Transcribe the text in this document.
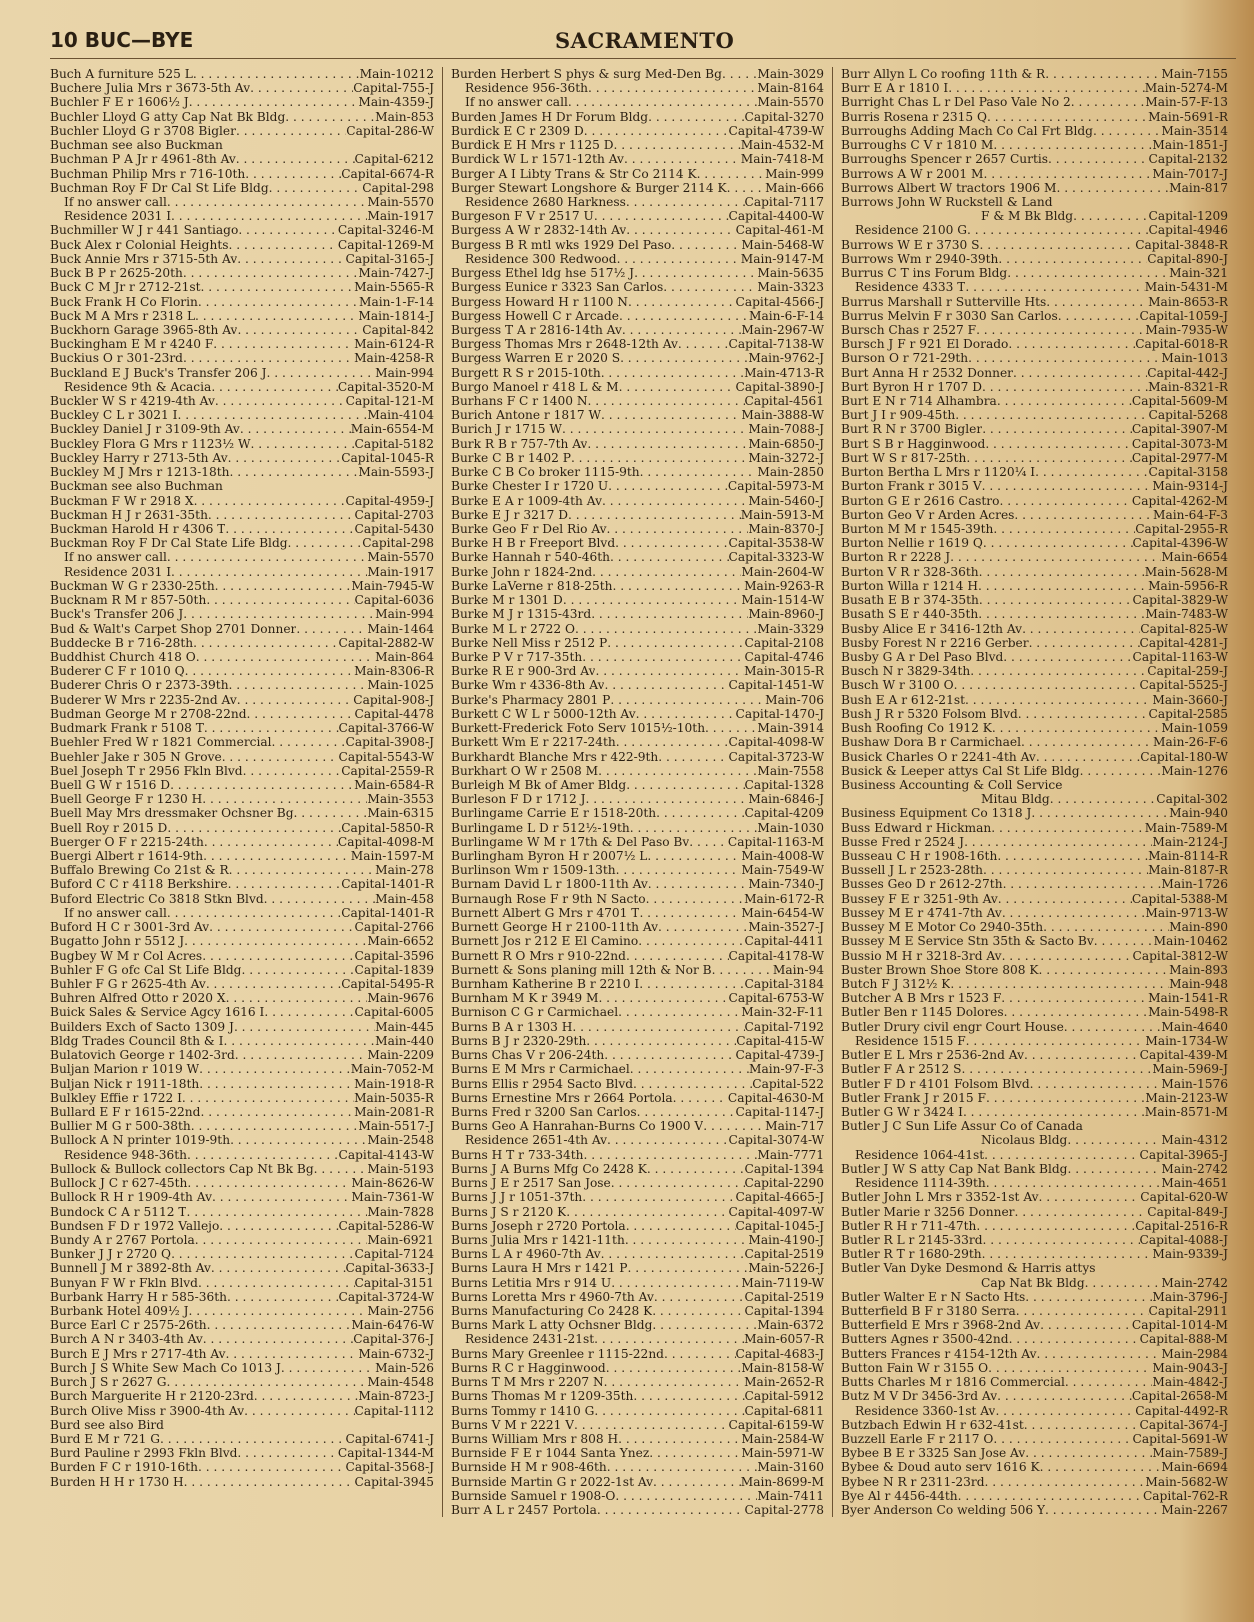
10 BUC—BYE	SACRAMENTO
Buch A furniture 525 L . . .	Main-10212
Buchere Julia Mrs r 3673-5th Av . . .	Capital-755-J
Buchler F E r 1606½ J . . .	Main-4359-J
Buchler Lloyd G atty Cap Nat Bk Bldg . . .	Main-853
Buchler Lloyd G r 3708 Bigler . . .	Capital-286-W
Buchman see also Buckman
Buchman P A Jr r 4961-8th Av . . .	Capital-6212
Buchman Philip Mrs r 716-10th . . .	Capital-6674-R
Buchman Roy F Dr Cal St Life Bldg . . .	Capital-298
If no answer call . . .	Main-5570
Residence 2031 I . . .	Main-1917
Buchmiller W J r 441 Santiago . . .	Capital-3246-M
Buck Alex r Colonial Heights . . .	Capital-1269-M
Buck Annie Mrs r 3715-5th Av . . .	Capital-3165-J
Buck B P r 2625-20th . . .	Main-7427-J
Buck C M Jr r 2712-21st . . .	Main-5565-R
Buck Frank H Co Florin . . .	Main-1-F-14
Buck M A Mrs r 2318 L . . .	Main-1814-J
Buckhorn Garage 3965-8th Av . . .	Capital-842
Buckingham E M r 4240 F . . .	Main-6124-R
Buckius O r 301-23rd . . .	Main-4258-R
Buckland E J Buck's Transfer 206 J . . .	Main-994
Residence 9th & Acacia . . .	Capital-3520-M
Buckler W S r 4219-4th Av . . .	Capital-121-M
Buckley C L r 3021 I . . .	Main-4104
Buckley Daniel J r 3109-9th Av . . .	Main-6554-M
Buckley Flora G Mrs r 1123½ W . . .	Capital-5182
Buckley Harry r 2713-5th Av . . .	Capital-1045-R
Buckley M J Mrs r 1213-18th . . .	Main-5593-J
Buckman see also Buchman
Buckman F W r 2918 X . . .	Capital-4959-J
Buckman H J r 2631-35th . . .	Capital-2703
Buckman Harold H r 4306 T . . .	Capital-5430
Buckman Roy F Dr Cal State Life Bldg . . .	Capital-298
If no answer call . . .	Main-5570
Residence 2031 I . . .	Main-1917
Buckman W G r 2330-25th . . .	Main-7945-W
Bucknam R M r 857-50th . . .	Capital-6036
Buck's Transfer 206 J . . .	Main-994
Bud & Walt's Carpet Shop 2701 Donner . . .	Main-1464
Buddecke B r 716-28th . . .	Capital-2882-W
Buddhist Church 418 O . . .	Main-864
Buderer C F r 1010 Q . . .	Main-8306-R
Buderer Chris O r 2373-39th . . .	Main-1025
Buderer W Mrs r 2235-2nd Av . . .	Capital-908-J
Budman George M r 2708-22nd . . .	Capital-4478
Budmark Frank r 5108 T . . .	Capital-3766-W
Buehler Fred W r 1821 Commercial . . .	Capital-3908-J
Buehler Jake r 305 N Grove . . .	Capital-5543-W
Buel Joseph T r 2956 Fkln Blvd . . .	Capital-2559-R
Buell G W r 1516 D . . .	Main-6584-R
Buell George F r 1230 H . . .	Main-3553
Buell May Mrs dressmaker Ochsner Bg . . .	Main-6315
Buell Roy r 2015 D . . .	Capital-5850-R
Buerger O F r 2215-24th . . .	Capital-4098-M
Buergi Albert r 1614-9th . . .	Main-1597-M
Buffalo Brewing Co 21st & R . . .	Main-278
Buford C C r 4118 Berkshire . . .	Capital-1401-R
Buford Electric Co 3818 Stkn Blvd . . .	Main-458
If no answer call . . .	Capital-1401-R
Buford H C r 3001-3rd Av . . .	Capital-2766
Bugatto John r 5512 J . . .	Main-6652
Bugbey W M r Col Acres . . .	Capital-3596
Buhler F G ofc Cal St Life Bldg . . .	Capital-1839
Buhler F G r 2625-4th Av . . .	Capital-5495-R
Buhren Alfred Otto r 2020 X . . .	Main-9676
Buick Sales & Service Agcy 1616 I . . .	Capital-6005
Builders Exch of Sacto 1309 J . . .	Main-445
Bldg Trades Council 8th & I . . .	Main-440
Bulatovich George r 1402-3rd . . .	Main-2209
Buljan Marion r 1019 W . . .	Main-7052-M
Buljan Nick r 1911-18th . . .	Main-1918-R
Bulkley Effie r 1722 I . . .	Main-5035-R
Bullard E F r 1615-22nd . . .	Main-2081-R
Bullier M G r 500-38th . . .	Main-5517-J
Bullock A N printer 1019-9th . . .	Main-2548
Residence 948-36th . . .	Capital-4143-W
Bullock & Bullock collectors Cap Nt Bk Bg . . .	Main-5193
Bullock J C r 627-45th . . .	Main-8626-W
Bullock R H r 1909-4th Av . . .	Main-7361-W
Bundock C A r 5112 T . . .	Main-7828
Bundsen F D r 1972 Vallejo . . .	Capital-5286-W
Bundy A r 2767 Portola . . .	Main-6921
Bunker J J r 2720 Q . . .	Capital-7124
Bunnell J M r 3892-8th Av . . .	Capital-3633-J
Bunyan F W r Fkln Blvd . . .	Capital-3151
Burbank Harry H r 585-36th . . .	Capital-3724-W
Burbank Hotel 409½ J . . .	Main-2756
Burce Earl C r 2575-26th . . .	Main-6476-W
Burch A N r 3403-4th Av . . .	Capital-376-J
Burch E J Mrs r 2717-4th Av . . .	Main-6732-J
Burch J S White Sew Mach Co 1013 J . . .	Main-526
Burch J S r 2627 G . . .	Main-4548
Burch Marguerite H r 2120-23rd . . .	Main-8723-J
Burch Olive Miss r 3900-4th Av . . .	Capital-1112
Burd see also Bird
Burd E M r 721 G . . .	Capital-6741-J
Burd Pauline r 2993 Fkln Blvd . . .	Capital-1344-M
Burden F C r 1910-16th . . .	Capital-3568-J
Burden H H r 1730 H . . .	Capital-3945
Burden Herbert S phys & surg Med-Den Bg . . .	Main-3029
Residence 956-36th . . .	Main-8164
If no answer call . . .	Main-5570
Burden James H Dr Forum Bldg . . .	Capital-3270
Burdick E C r 2309 D . . .	Capital-4739-W
Burdick E H Mrs r 1125 D . . .	Main-4532-M
Burdick W L r 1571-12th Av . . .	Main-7418-M
Burger A I Libty Trans & Str Co 2114 K . . .	Main-999
Burger Stewart Longshore & Burger 2114 K . . .	Main-666
Residence 2680 Harkness . . .	Capital-7117
Burgeson F V r 2517 U . . .	Capital-4400-W
Burgess A W r 2832-14th Av . . .	Capital-461-M
Burgess B R mtl wks 1929 Del Paso . . .	Main-5468-W
Residence 300 Redwood . . .	Main-9147-M
Burgess Ethel ldg hse 517½ J . . .	Main-5635
Burgess Eunice r 3323 San Carlos . . .	Main-3323
Burgess Howard H r 1100 N . . .	Capital-4566-J
Burgess Howell C r Arcade . . .	Main-6-F-14
Burgess T A r 2816-14th Av . . .	Main-2967-W
Burgess Thomas Mrs r 2648-12th Av . . .	Capital-7138-W
Burgess Warren E r 2020 S . . .	Main-9762-J
Burgett R S r 2015-10th . . .	Main-4713-R
Burgo Manoel r 418 L & M . . .	Capital-3890-J
Burhans F C r 1400 N . . .	Capital-4561
Burich Antone r 1817 W . . .	Main-3888-W
Burich J r 1715 W . . .	Main-7088-J
Burk R B r 757-7th Av . . .	Main-6850-J
Burke C B r 1402 P . . .	Main-3272-J
Burke C B Co broker 1115-9th . . .	Main-2850
Burke Chester I r 1720 U . . .	Capital-5973-M
Burke E A r 1009-4th Av . . .	Main-5460-J
Burke E J r 3217 D . . .	Main-5913-M
Burke Geo F r Del Rio Av . . .	Main-8370-J
Burke H B r Freeport Blvd . . .	Capital-3538-W
Burke Hannah r 540-46th . . .	Capital-3323-W
Burke John r 1824-2nd . . .	Main-2604-W
Burke LaVerne r 818-25th . . .	Main-9263-R
Burke M r 1301 D . . .	Main-1514-W
Burke M J r 1315-43rd . . .	Main-8960-J
Burke M L r 2722 O . . .	Main-3329
Burke Nell Miss r 2512 P . . .	Capital-2108
Burke P V r 717-35th . . .	Capital-4746
Burke R E r 900-3rd Av . . .	Main-3015-R
Burke Wm r 4336-8th Av . . .	Capital-1451-W
Burke's Pharmacy 2801 P . . .	Main-706
Burkett C W L r 5000-12th Av . . .	Capital-1470-J
Burkett-Frederick Foto Serv 1015½-10th . . .	Main-3914
Burkett Wm E r 2217-24th . . .	Capital-4098-W
Burkhardt Blanche Mrs r 422-9th . . .	Capital-3723-W
Burkhart O W r 2508 M . . .	Main-7558
Burleigh M Bk of Amer Bldg . . .	Capital-1328
Burleson F D r 1712 J . . .	Main-6846-J
Burlingame Carrie E r 1518-20th . . .	Capital-4209
Burlingame L D r 512½-19th . . .	Main-1030
Burlingame W M r 17th & Del Paso Bv . . .	Capital-1163-M
Burlingham Byron H r 2007½ L . . .	Main-4008-W
Burlinson Wm r 1509-13th . . .	Main-7549-W
Burnam David L r 1800-11th Av . . .	Main-7340-J
Burnaugh Rose F r 9th N Sacto . . .	Main-6172-R
Burnett Albert G Mrs r 4701 T . . .	Main-6454-W
Burnett George H r 2100-11th Av . . .	Main-3527-J
Burnett Jos r 212 E El Camino . . .	Capital-4411
Burnett R O Mrs r 910-22nd . . .	Capital-4178-W
Burnett & Sons planing mill 12th & Nor B . . .	Main-94
Burnham Katherine B r 2210 I . . .	Capital-3184
Burnham M K r 3949 M . . .	Capital-6753-W
Burnison C G r Carmichael . . .	Main-32-F-11
Burns B A r 1303 H . . .	Capital-7192
Burns B J r 2320-29th . . .	Capital-415-W
Burns Chas V r 206-24th . . .	Capital-4739-J
Burns E M Mrs r Carmichael . . .	Main-97-F-3
Burns Ellis r 2954 Sacto Blvd . . .	Capital-522
Burns Ernestine Mrs r 2664 Portola . . .	Capital-4630-M
Burns Fred r 3200 San Carlos . . .	Capital-1147-J
Burns Geo A Hanrahan-Burns Co 1900 V . . .	Main-717
Residence 2651-4th Av . . .	Capital-3074-W
Burns H T r 733-34th . . .	Main-7771
Burns J A Burns Mfg Co 2428 K . . .	Capital-1394
Burns J E r 2517 San Jose . . .	Capital-2290
Burns J J r 1051-37th . . .	Capital-4665-J
Burns J S r 2120 K . . .	Capital-4097-W
Burns Joseph r 2720 Portola . . .	Capital-1045-J
Burns Julia Mrs r 1421-11th . . .	Main-4190-J
Burns L A r 4960-7th Av . . .	Capital-2519
Burns Laura H Mrs r 1421 P . . .	Main-5226-J
Burns Letitia Mrs r 914 U . . .	Main-7119-W
Burns Loretta Mrs r 4960-7th Av . . .	Capital-2519
Burns Manufacturing Co 2428 K . . .	Capital-1394
Burns Mark L atty Ochsner Bldg . . .	Main-6372
Residence 2431-21st . . .	Main-6057-R
Burns Mary Greenlee r 1115-22nd . . .	Capital-4683-J
Burns R C r Hagginwood . . .	Main-8158-W
Burns T M Mrs r 2207 N . . .	Main-2652-R
Burns Thomas M r 1209-35th . . .	Capital-5912
Burns Tommy r 1410 G . . .	Capital-6811
Burns V M r 2221 V . . .	Capital-6159-W
Burns William Mrs r 808 H . . .	Main-2584-W
Burnside F E r 1044 Santa Ynez . . .	Main-5971-W
Burnside H M r 908-46th . . .	Main-3160
Burnside Martin G r 2022-1st Av . . .	Main-8699-M
Burnside Samuel r 1908-O . . .	Main-7411
Burr A L r 2457 Portola . . .	Capital-2778
Burr Allyn L Co roofing 11th & R . . .	Main-7155
Burr E A r 1810 I . . .	Main-5274-M
Burright Chas L r Del Paso Vale No 2 . . .	Main-57-F-13
Burris Rosena r 2315 Q . . .	Main-5691-R
Burroughs Adding Mach Co Cal Frt Bldg . . .	Main-3514
Burroughs C V r 1810 M . . .	Main-1851-J
Burroughs Spencer r 2657 Curtis . . .	Capital-2132
Burrows A W r 2001 M . . .	Main-7017-J
Burrows Albert W tractors 1906 M . . .	Main-817
Burrows John W Ruckstell & Land
F & M Bk Bldg . . .	Capital-1209
Residence 2100 G . . .	Capital-4946
Burrows W E r 3730 S . . .	Capital-3848-R
Burrows Wm r 2940-39th . . .	Capital-890-J
Burrus C T ins Forum Bldg . . .	Main-321
Residence 4333 T . . .	Main-5431-M
Burrus Marshall r Sutterville Hts . . .	Main-8653-R
Burrus Melvin F r 3030 San Carlos . . .	Capital-1059-J
Bursch Chas r 2527 F . . .	Main-7935-W
Bursch J F r 921 El Dorado . . .	Capital-6018-R
Burson O r 721-29th . . .	Main-1013
Burt Anna H r 2532 Donner . . .	Capital-442-J
Burt Byron H r 1707 D . . .	Main-8321-R
Burt E N r 714 Alhambra . . .	Capital-5609-M
Burt J I r 909-45th . . .	Capital-5268
Burt R N r 3700 Bigler . . .	Capital-3907-M
Burt S B r Hagginwood . . .	Capital-3073-M
Burt W S r 817-25th . . .	Capital-2977-M
Burton Bertha L Mrs r 1120¼ I . . .	Capital-3158
Burton Frank r 3015 V . . .	Main-9314-J
Burton G E r 2616 Castro . . .	Capital-4262-M
Burton Geo V r Arden Acres . . .	Main-64-F-3
Burton M M r 1545-39th . . .	Capital-2955-R
Burton Nellie r 1619 Q . . .	Capital-4396-W
Burton R r 2228 J . . .	Main-6654
Burton V R r 328-36th . . .	Main-5628-M
Burton Willa r 1214 H . . .	Main-5956-R
Busath E B r 374-35th . . .	Capital-3829-W
Busath S E r 440-35th . . .	Main-7483-W
Busby Alice E r 3416-12th Av . . .	Capital-825-W
Busby Forest N r 2216 Gerber . . .	Capital-4281-J
Busby G A r Del Paso Blvd . . .	Capital-1163-W
Busch N r 3829-34th . . .	Capital-259-J
Busch W r 3100 O . . .	Capital-5525-J
Bush E A r 612-21st . . .	Main-3660-J
Bush J R r 5320 Folsom Blvd . . .	Capital-2585
Bush Roofing Co 1912 K . . .	Main-1059
Bushaw Dora B r Carmichael . . .	Main-26-F-6
Busick Charles O r 2241-4th Av . . .	Capital-180-W
Busick & Leeper attys Cal St Life Bldg . . .	Main-1276
Business Accounting & Coll Service
Mitau Bldg . . .	Capital-302
Business Equipment Co 1318 J . . .	Main-940
Buss Edward r Hickman . . .	Main-7589-M
Busse Fred r 2524 J . . .	Main-2124-J
Busseau C H r 1908-16th . . .	Main-8114-R
Bussell J L r 2523-28th . . .	Main-8187-R
Busses Geo D r 2612-27th . . .	Main-1726
Bussey F E r 3251-9th Av . . .	Capital-5388-M
Bussey M E r 4741-7th Av . . .	Main-9713-W
Bussey M E Motor Co 2940-35th . . .	Main-890
Bussey M E Service Stn 35th & Sacto Bv . . .	Main-10462
Bussio M H r 3218-3rd Av . . .	Capital-3812-W
Buster Brown Shoe Store 808 K . . .	Main-893
Butch F J 312½ K . . .	Main-948
Butcher A B Mrs r 1523 F . . .	Main-1541-R
Butler Ben r 1145 Dolores . . .	Main-5498-R
Butler Drury civil engr Court House . . .	Main-4640
Residence 1515 F . . .	Main-1734-W
Butler E L Mrs r 2536-2nd Av . . .	Capital-439-M
Butler F A r 2512 S . . .	Main-5969-J
Butler F D r 4101 Folsom Blvd . . .	Main-1576
Butler Frank J r 2015 F . . .	Main-2123-W
Butler G W r 3424 I . . .	Main-8571-M
Butler J C Sun Life Assur Co of Canada
Nicolaus Bldg . . .	Main-4312
Residence 1064-41st . . .	Capital-3965-J
Butler J W S atty Cap Nat Bank Bldg . . .	Main-2742
Residence 1114-39th . . .	Main-4651
Butler John L Mrs r 3352-1st Av . . .	Capital-620-W
Butler Marie r 3256 Donner . . .	Capital-849-J
Butler R H r 711-47th . . .	Capital-2516-R
Butler R L r 2145-33rd . . .	Capital-4088-J
Butler R T r 1680-29th . . .	Main-9339-J
Butler Van Dyke Desmond & Harris attys
Cap Nat Bk Bldg . . .	Main-2742
Butler Walter E r N Sacto Hts . . .	Main-3796-J
Butterfield B F r 3180 Serra . . .	Capital-2911
Butterfield E Mrs r 3968-2nd Av . . .	Capital-1014-M
Butters Agnes r 3500-42nd . . .	Capital-888-M
Butters Frances r 4154-12th Av . . .	Main-2984
Button Fain W r 3155 O . . .	Main-9043-J
Butts Charles M r 1816 Commercial . . .	Main-4842-J
Butz M V Dr 3456-3rd Av . . .	Capital-2658-M
Residence 3360-1st Av . . .	Capital-4492-R
Butzbach Edwin H r 632-41st . . .	Capital-3674-J
Buzzell Earle F r 2117 O . . .	Capital-5691-W
Bybee B E r 3325 San Jose Av . . .	Main-7589-J
Bybee & Doud auto serv 1616 K . . .	Main-6694
Bybee N R r 2311-23rd . . .	Main-5682-W
Bye Al r 4456-44th . . .	Capital-762-R
Byer Anderson Co welding 506 Y . . .	Main-2267
